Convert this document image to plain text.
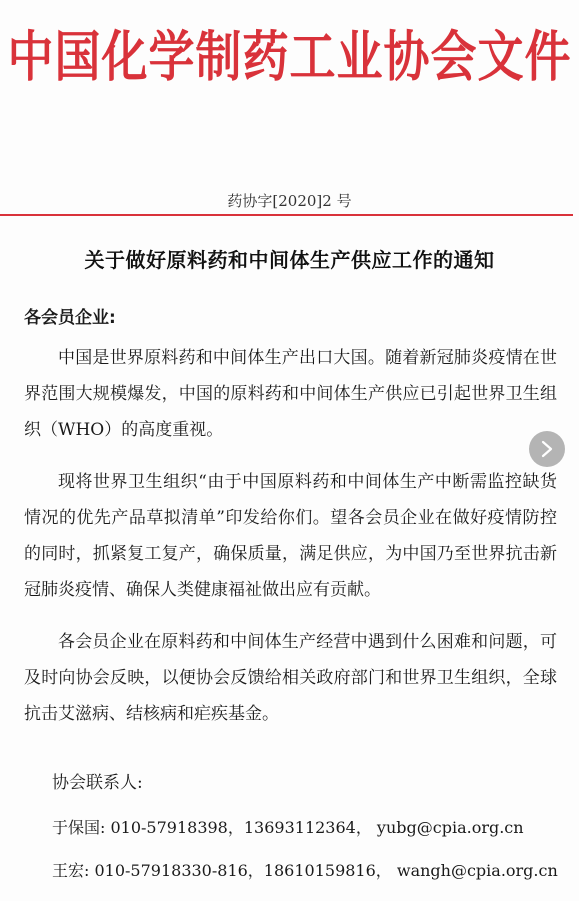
中国化学制药工业协会文件
药协字[2020]2 号
关于做好原料药和中间体生产供应工作的通知
各会员企业:

中国是世界原料药和中间体生产出口大国。随着新冠肺炎疫情在世界范围大规模爆发，中国的原料药和中间体生产供应已引起世界卫生组织（WHO）的高度重视。

现将世界卫生组织“由于中国原料药和中间体生产中断需监控缺货情况的优先产品草拟清单”印发给你们。望各会员企业在做好疫情防控的同时，抓紧复工复产，确保质量，满足供应，为中国乃至世界抗击新冠肺炎疫情、确保人类健康福祉做出应有贡献。

各会员企业在原料药和中间体生产经营中遇到什么困难和问题，可及时向协会反映，以便协会反馈给相关政府部门和世界卫生组织，全球抗击艾滋病、结核病和疟疾基金。

协会联系人:
于保国: 010-57918398，13693112364， yubg@cpia.org.cn
王宏: 010-57918330-816，18610159816， wangh@cpia.org.cn
